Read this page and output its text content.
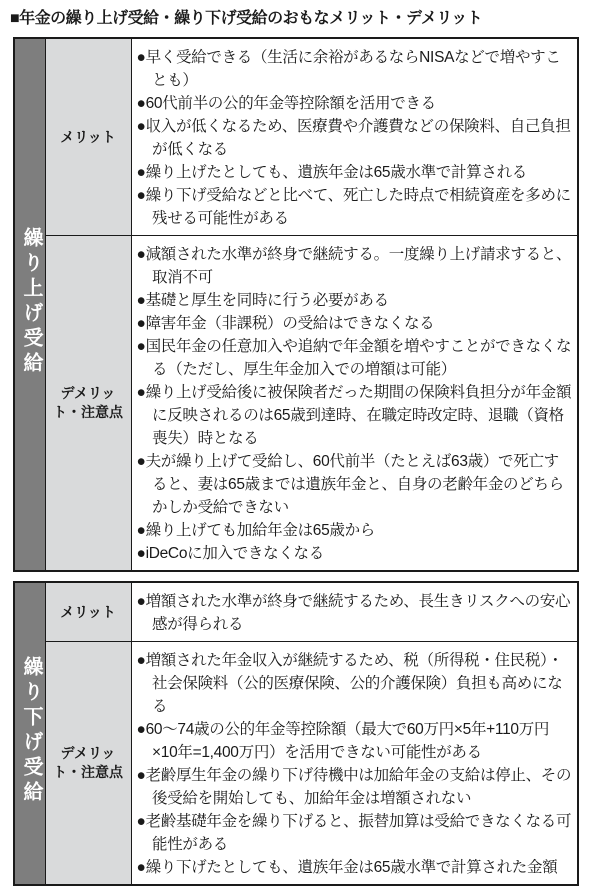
■年金の繰り上げ受給・繰り下げ受給のおもなメリット・デメリット
繰り上げ受給	メリット	
●早く受給できる（生活に余裕があるならNISAなどで増やすことも）
●60代前半の公的年金等控除額を活用できる
●収入が低くなるため、医療費や介護費などの保険料、自己負担が低くなる
●繰り上げたとしても、遺族年金は65歳水準で計算される
●繰り下げ受給などと比べて、死亡した時点で相続資産を多めに残せる可能性がある

デメリット・注意点	
●減額された水準が終身で継続する。一度繰り上げ請求すると、取消不可
●基礎と厚生を同時に行う必要がある
●障害年金（非課税）の受給はできなくなる
●国民年金の任意加入や追納で年金額を増やすことができなくなる（ただし、厚生年金加入での増額は可能）
●繰り上げ受給後に被保険者だった期間の保険料負担分が年金額に反映されるのは65歳到達時、在職定時改定時、退職（資格喪失）時となる
●夫が繰り上げて受給し、60代前半（たとえば63歳）で死亡すると、妻は65歳までは遺族年金と、自身の老齢年金のどちらかしか受給できない
●繰り上げても加給年金は65歳から
●iDeCoに加入できなくなる
繰り下げ受給	メリット	
●増額された水準が終身で継続するため、長生きリスクへの安心感が得られる

デメリット・注意点	
●増額された年金収入が継続するため、税（所得税・住民税）・社会保険料（公的医療保険、公的介護保険）負担も高めになる
●60～74歳の公的年金等控除額（最大で60万円×5年+110万円×10年=1,400万円）を活用できない可能性がある
●老齢厚生年金の繰り下げ待機中は加給年金の支給は停止、その後受給を開始しても、加給年金は増額されない
●老齢基礎年金を繰り下げると、振替加算は受給できなくなる可能性がある
●繰り下げたとしても、遺族年金は65歳水準で計算された金額
